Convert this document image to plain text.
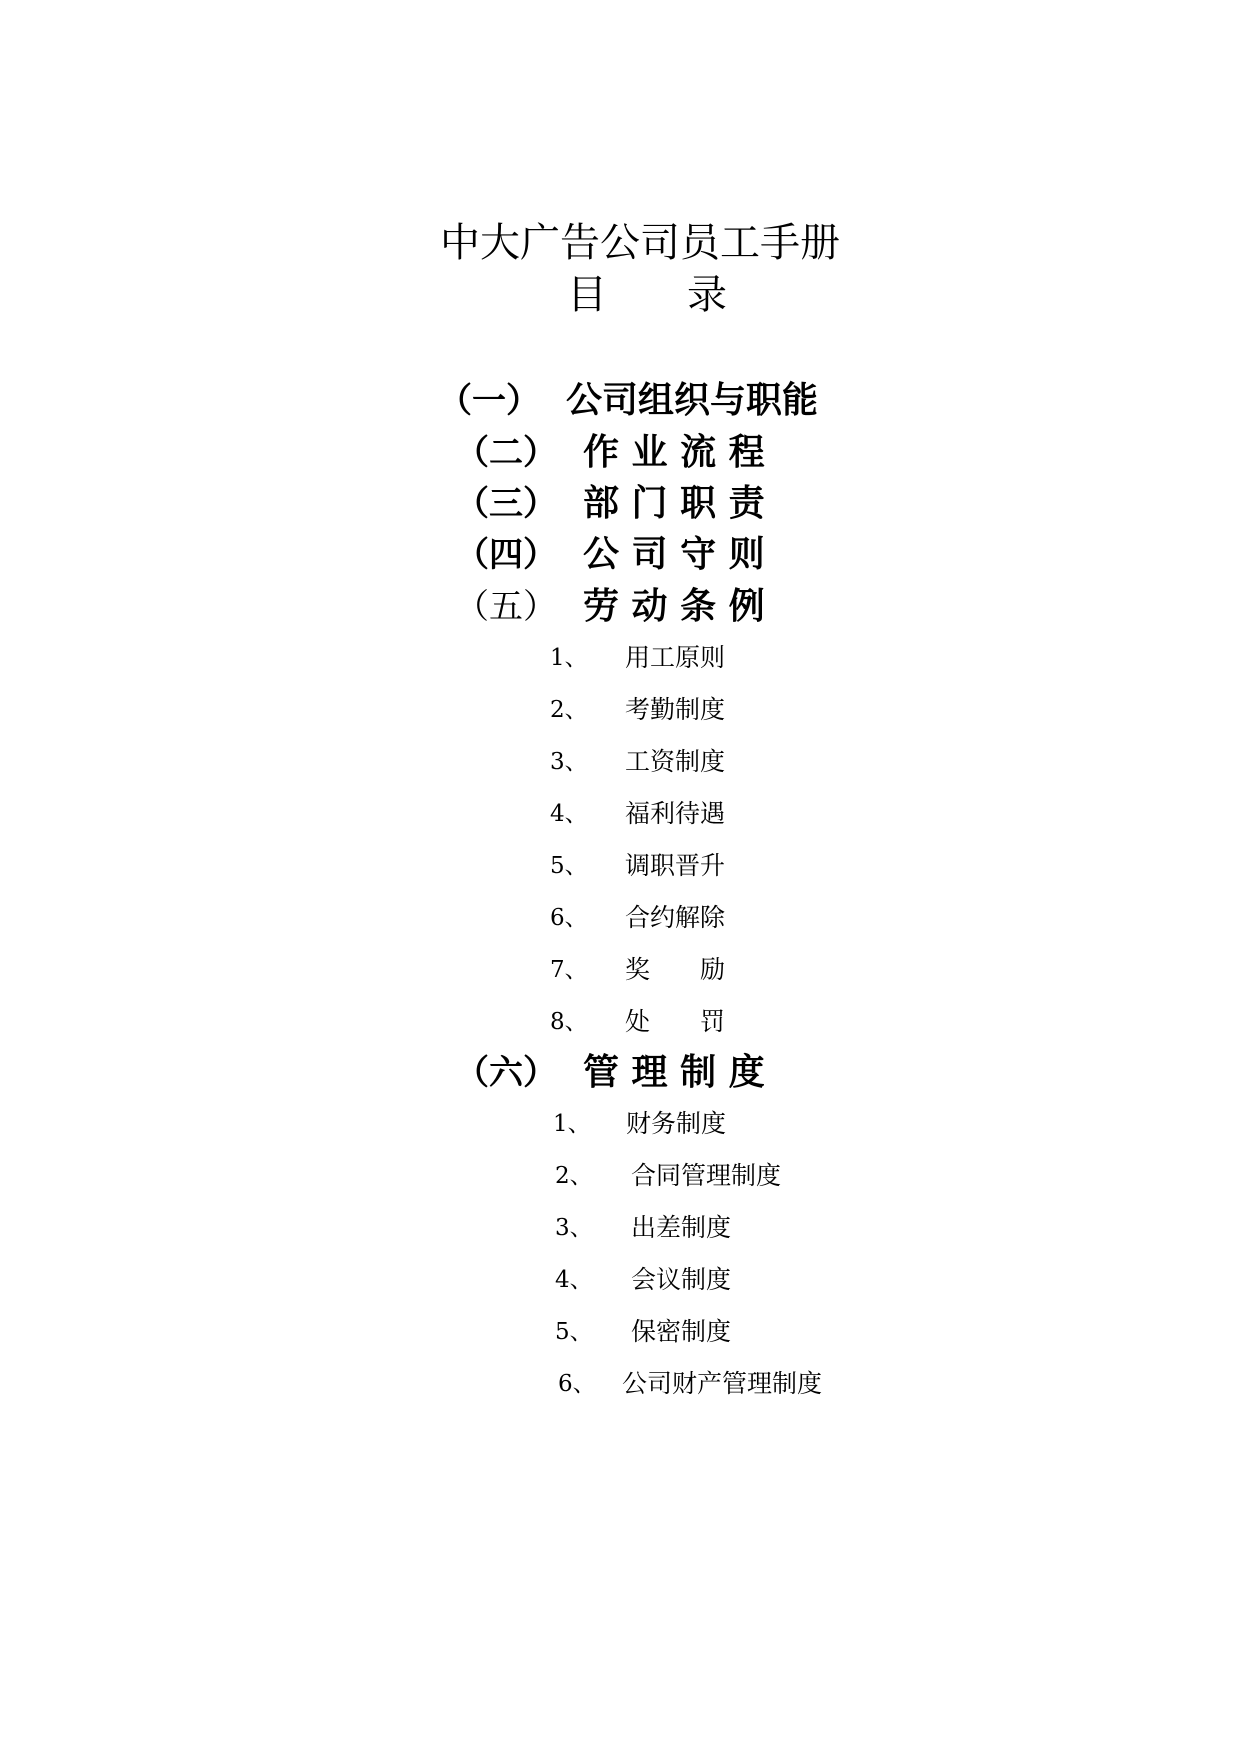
中大广告公司员工手册
目　　录
（一） 公司组织与职能
（二） 作 业 流 程
（三） 部 门 职 责
（四） 公 司 守 则
（五） 劳 动 条 例
1、 用工原则
2、 考勤制度
3、 工资制度
4、 福利待遇
5、 调职晋升
6、 合约解除
7、 奖　　励
8、 处　　罚
（六） 管 理 制 度
1、 财务制度
2、 合同管理制度
3、 出差制度
4、 会议制度
5、 保密制度
6、 公司财产管理制度
